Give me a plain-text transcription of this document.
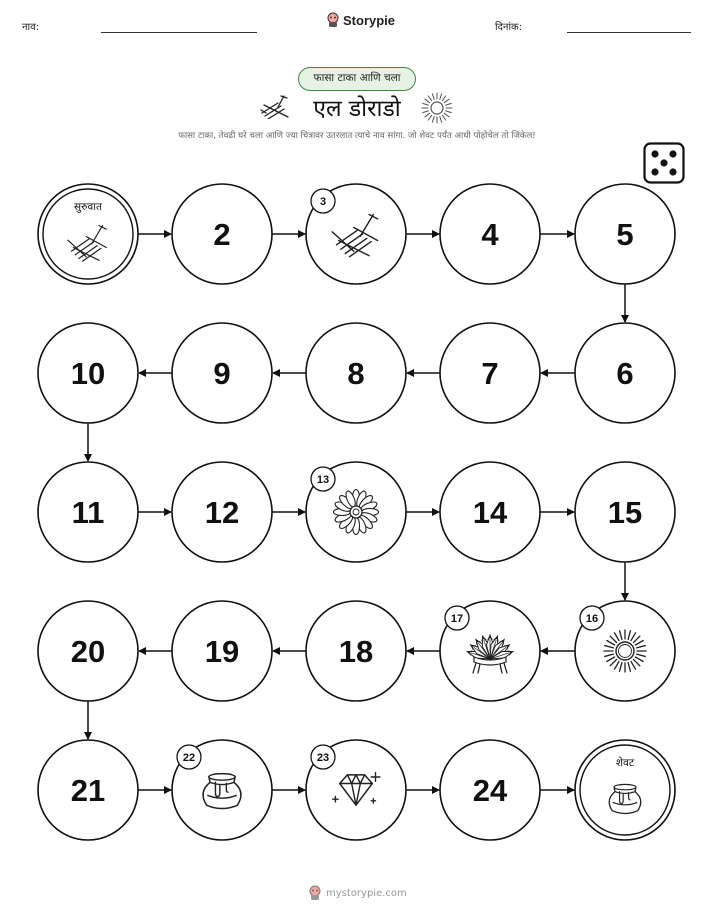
नाव:	Storypie	दिनांक:
फासा टाका आणि चला
एल डोराडो
फासा टाका, तेवढी घरे चला आणि ज्या चित्रावर उतरलात त्याचे नाव सांगा. जो शेवट पर्यंत आधी पोहोचेल तो जिंकेल!
सुरुवात
2
3
4	5
6
7
8
9
10
11	12
13
14	15
16
17
18
19
20
21
22	23
24
शेवट
mystorypie.com
